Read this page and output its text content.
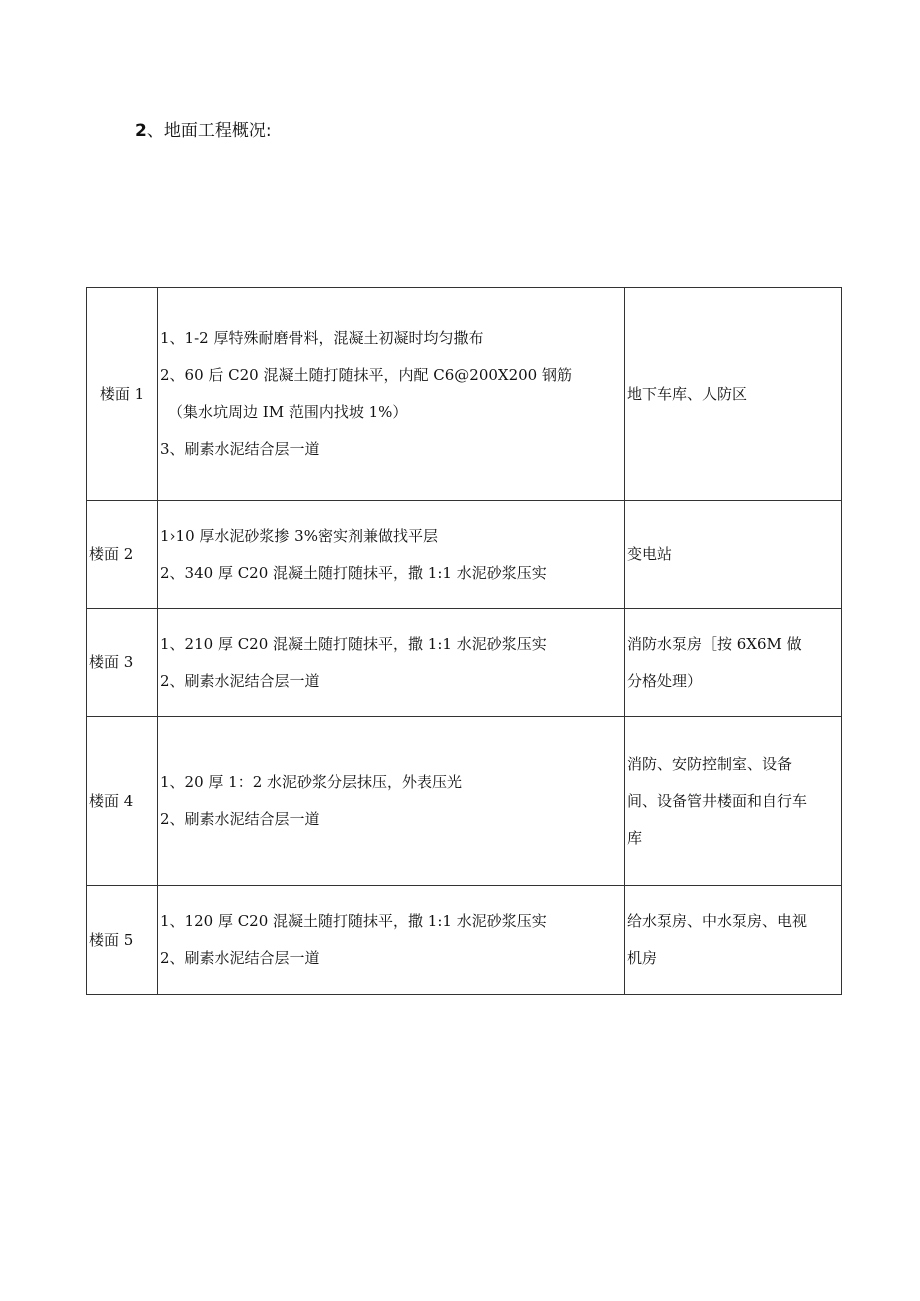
2、地面工程概况:
楼面 1	1、1-2 厚特殊耐磨骨料，混凝土初凝时均匀撒布
2、60 后 C20 混凝土随打随抹平，内配 C6@200X200 钢筋
（集水坑周边 IM 范围内找坡 1%）
3、刷素水泥结合层一道	地下车库、人防区

楼面 2	1›10 厚水泥砂浆掺 3%密实剂兼做找平层
2、340 厚 C20 混凝土随打随抹平，撒 1:1 水泥砂浆压实	变电站

楼面 3	1、210 厚 C20 混凝土随打随抹平，撒 1:1 水泥砂浆压实
2、刷素水泥结合层一道	消防水泵房［按 6X6M 做
分格处理）

楼面 4	1、20 厚 1：2 水泥砂浆分层抹压，外表压光
2、刷素水泥结合层一道	消防、安防控制室、设备
间、设备管井楼面和自行车
库

楼面 5	1、120 厚 C20 混凝土随打随抹平，撒 1:1 水泥砂浆压实
2、刷素水泥结合层一道	给水泵房、中水泵房、电视
机房
